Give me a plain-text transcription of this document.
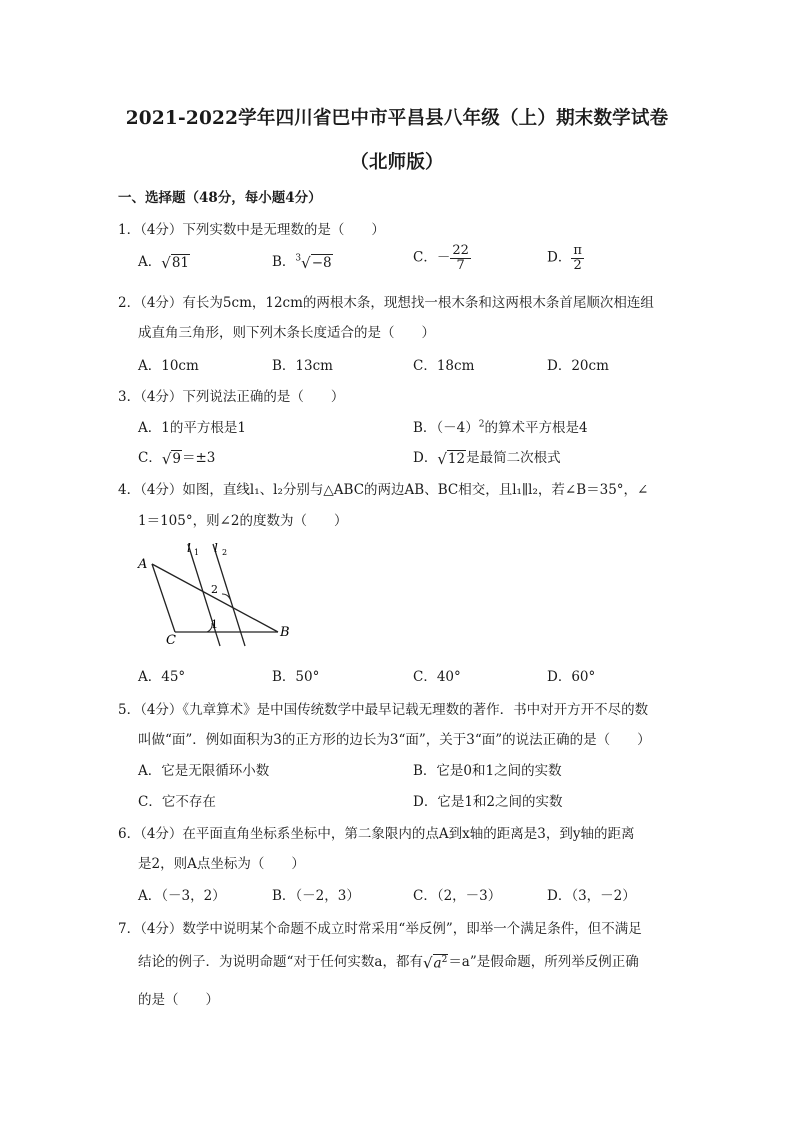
2021-2022学年四川省巴中市平昌县八年级（上）期末数学试卷
（北师版）
一、选择题（48分，每小题4分）
1．（4分）下列实数中是无理数的是（　　）
A． √ 81	B．$^3$ √ −8	C．－ $\frac{22}{7}$	D． $\frac{\pi}{2}$
2．（4分）有长为5cm，12cm的两根木条，现想找一根木条和这两根木条首尾顺次相连组
成直角三角形，则下列木条长度适合的是（　　）
A．10cm	B．13cm	C．18cm	D．20cm
3．（4分）下列说法正确的是（　　）
A．1的平方根是1	B．$(-4)^2$的算术平方根是4
C． √ 9 ＝±3	D． √ 12 是最简二次根式
4．（4分）如图，直线l₁、l₂分别与△ABC的两边AB、BC相交，且l₁∥l₂，若∠B＝35°，∠
1＝105°，则∠2的度数为（　　）
A
B
C
l 1 l 2
1
2
A．45°	B．50°	C．40°	D．60°
5．（4分）《九章算术》是中国传统数学中最早记载无理数的著作．书中对开方开不尽的数
叫做“面”．例如面积为3的正方形的边长为3“面”，关于3“面”的说法正确的是（　　）
A．它是无限循环小数	B．它是0和1之间的实数
C．它不存在	D．它是1和2之间的实数
6．（4分）在平面直角坐标系坐标中，第二象限内的点A到x轴的距离是3，到y轴的距离
是2，则A点坐标为（　　）
A．（－3，2）	B．（－2，3）	C．（2，－3）	D．（3，－2）
7．（4分）数学中说明某个命题不成立时常采用“举反例”，即举一个满足条件，但不满足
结论的例子．为说明命题“对于任何实数a，都有 √ $a^2 =a$”是假命题，所列举反例正确
的是（　　）
